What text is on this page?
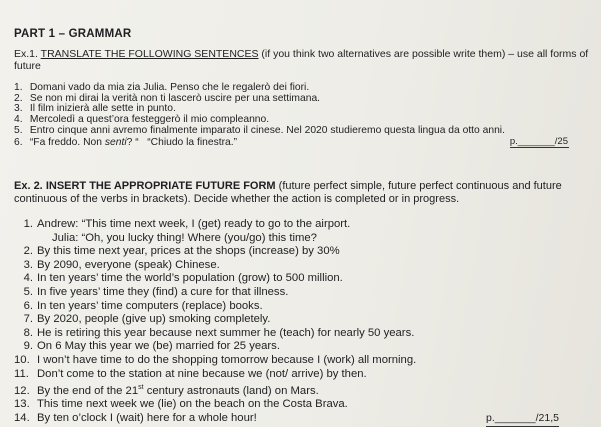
PART 1 – GRAMMAR
Ex.1. TRANSLATE THE FOLLOWING SENTENCES (if you think two alternatives are possible write them) – use all forms of future
1. Domani vado da mia zia Julia. Penso che le regalerò dei fiori.
2. Se non mi dirai la verità non ti lascerò uscire per una settimana.
3. Il film inizierà alle sette in punto.
4. Mercoledì a quest’ora festeggerò il mio compleanno.
5. Entro cinque anni avremo finalmente imparato il cinese. Nel 2020 studieremo questa lingua da otto anni.
6. “Fa freddo. Non senti? “   “Chiudo la finestra.”	p._______/25
Ex. 2. INSERT THE APPROPRIATE FUTURE FORM (future perfect simple, future perfect continuous and future continuous of the verbs in brackets). Decide whether the action is completed or in progress.
1. Andrew: “This time next week, I (get) ready to go to the airport.
Julia: “Oh, you lucky thing! Where (you/go) this time?
2. By this time next year, prices at the shops (increase) by 30%
3. By 2090, everyone (speak) Chinese.
4. In ten years’ time the world’s population (grow) to 500 million.
5. In five years’ time they (find) a cure for that illness.
6. In ten years’ time computers (replace) books.
7. By 2020, people (give up) smoking completely.
8. He is retiring this year because next summer he (teach) for nearly 50 years.
9. On 6 May this year we (be) married for 25 years.
10. I won’t have time to do the shopping tomorrow because I (work) all morning.
11. Don’t come to the station at nine because we (not/ arrive) by then.
12. By the end of the 21st century astronauts (land) on Mars.
13. This time next week we (lie) on the beach on the Costa Brava.
14. By ten o’clock I (wait) here for a whole hour!	p._______/21,5
